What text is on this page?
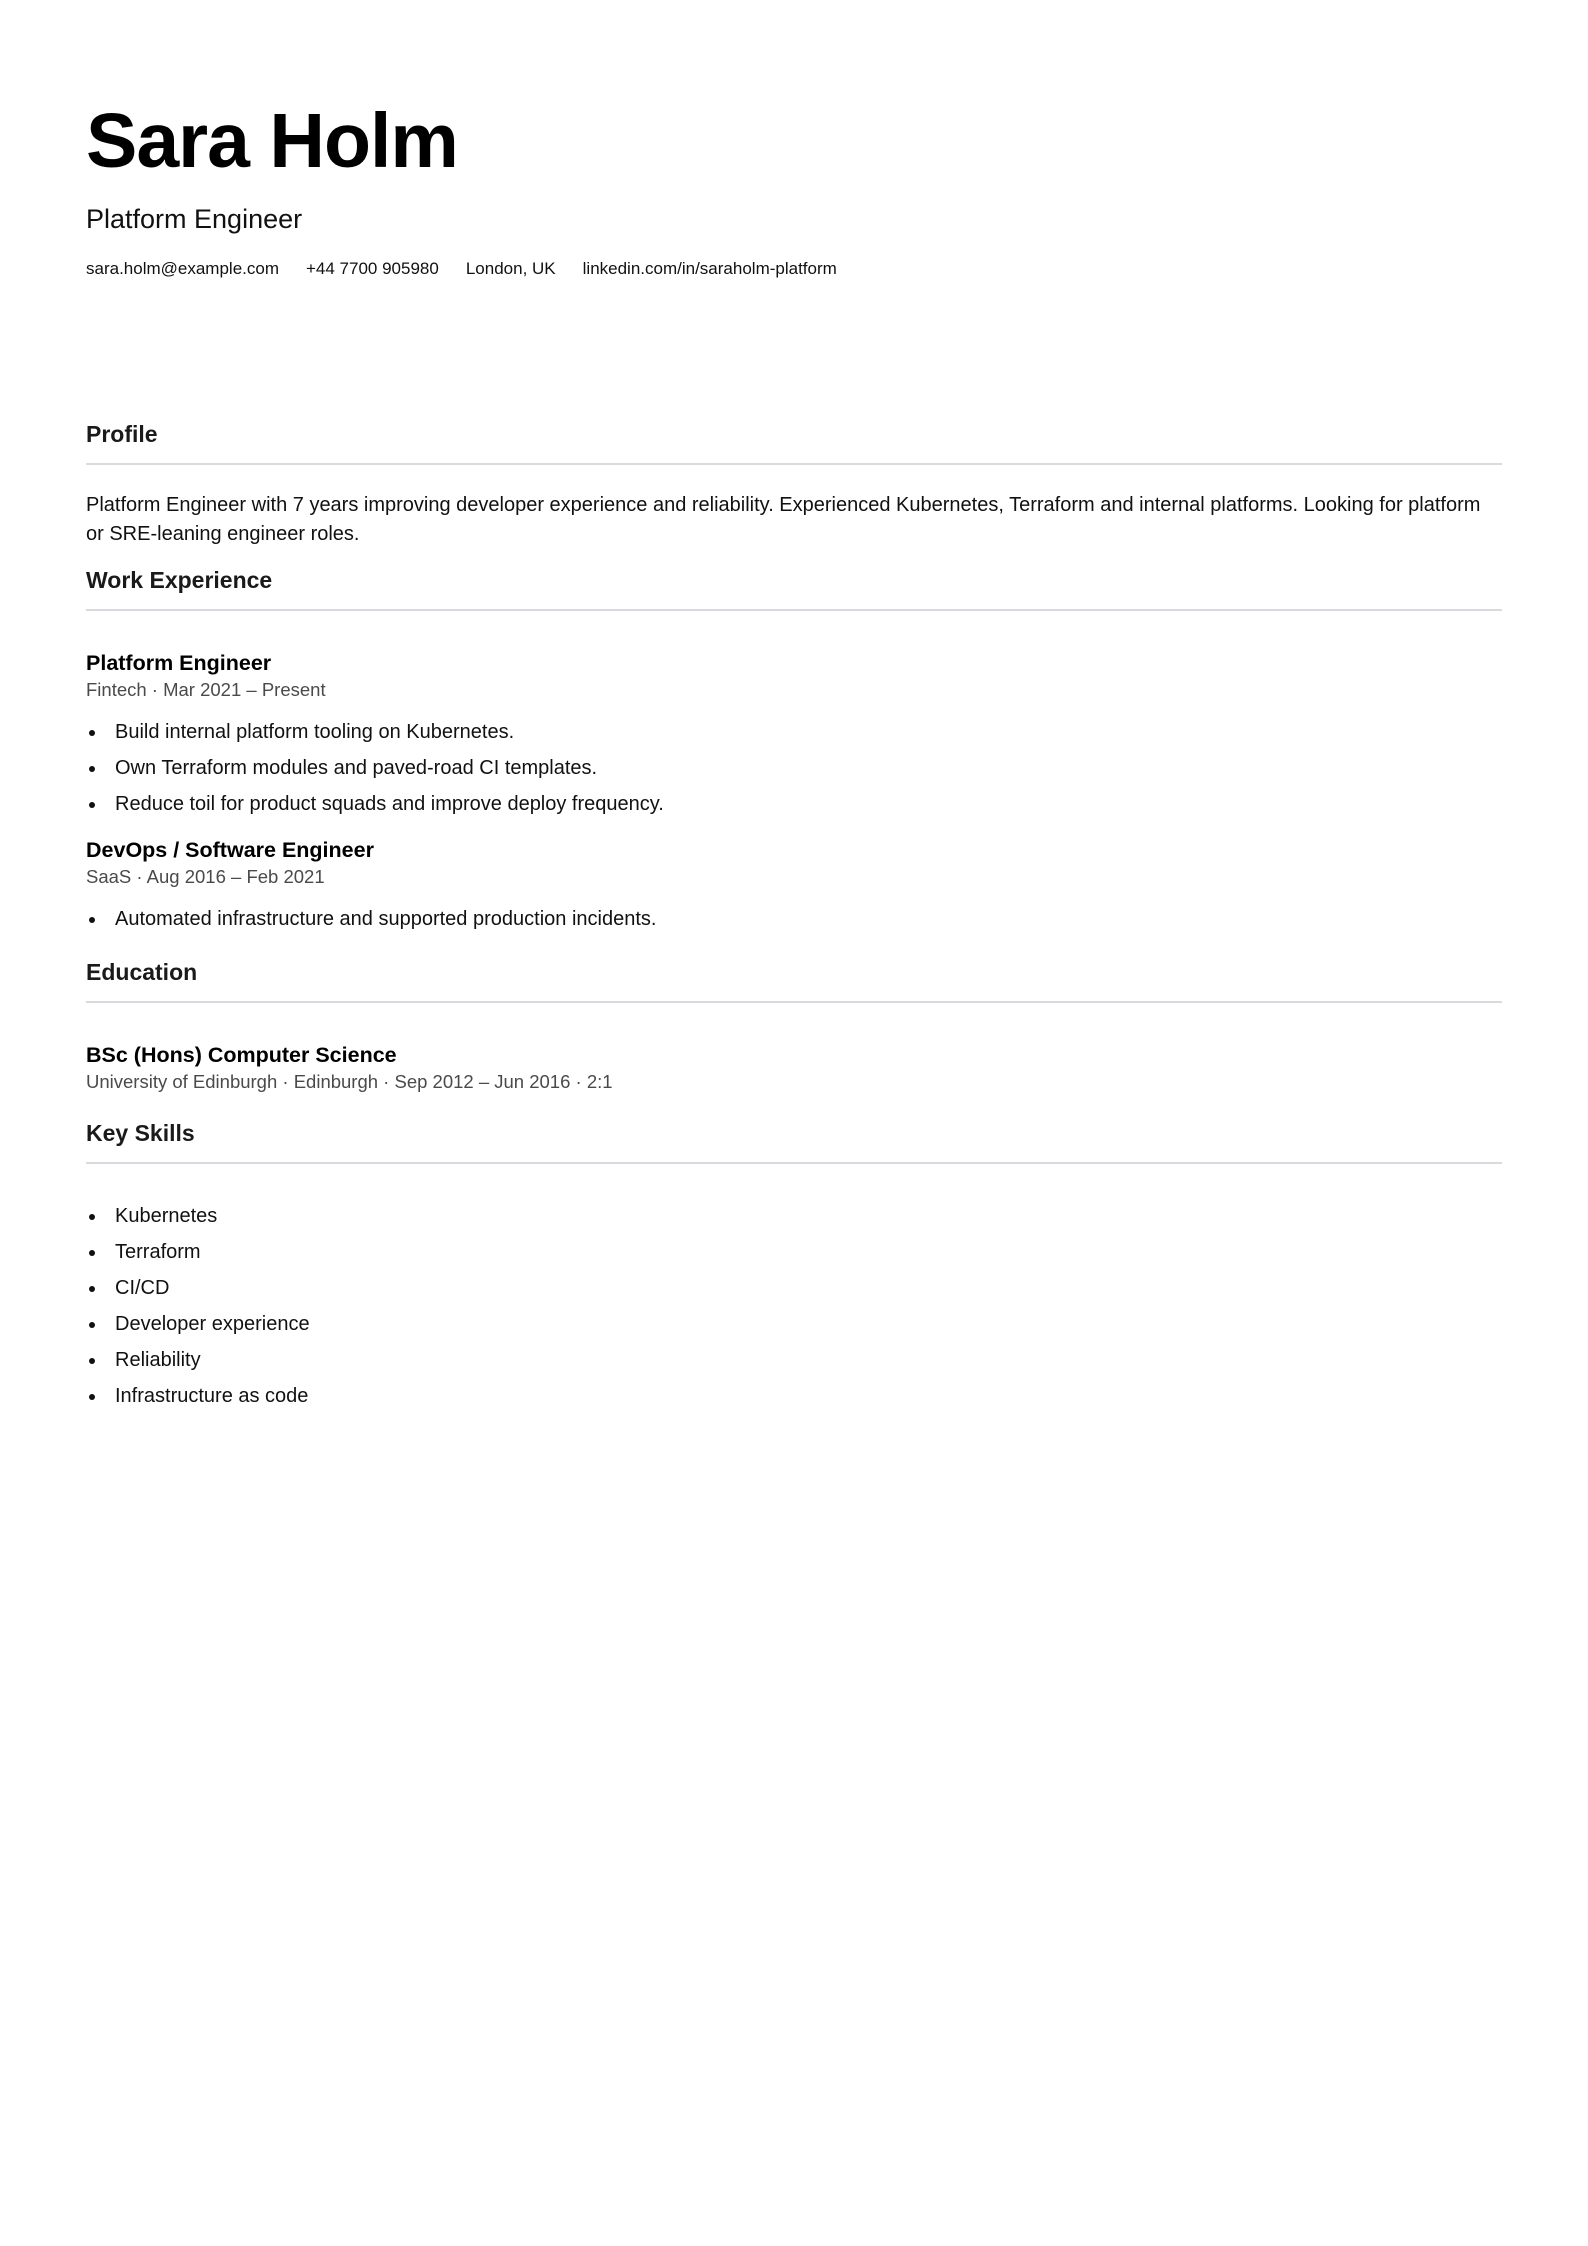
Sara Holm
Platform Engineer
sara.holm@example.com +44 7700 905980 London, UK linkedin.com/in/saraholm-platform
Profile
Platform Engineer with 7 years improving developer experience and reliability. Experienced Kubernetes, Terraform and internal platforms. Looking for platform or SRE-leaning engineer roles.
Work Experience
Platform Engineer
Fintech · Mar 2021 – Present
Build internal platform tooling on Kubernetes.
Own Terraform modules and paved-road CI templates.
Reduce toil for product squads and improve deploy frequency.
DevOps / Software Engineer
SaaS · Aug 2016 – Feb 2021
Automated infrastructure and supported production incidents.
Education
BSc (Hons) Computer Science
University of Edinburgh · Edinburgh · Sep 2012 – Jun 2016 · 2:1
Key Skills
Kubernetes
Terraform
CI/CD
Developer experience
Reliability
Infrastructure as code
